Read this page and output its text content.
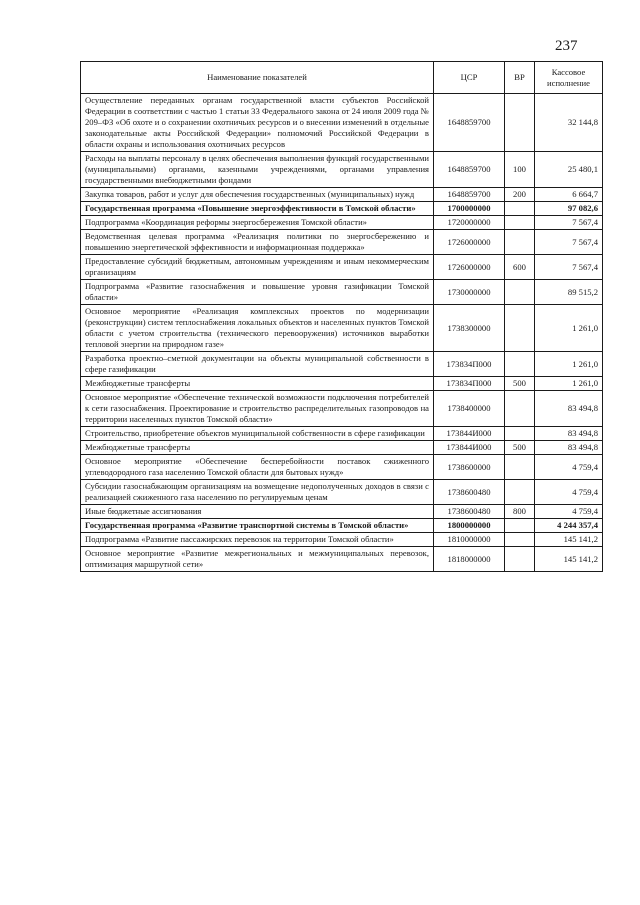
237
Наименование показателей	ЦСР	ВР	Кассовое исполнение
Осуществление переданных органам государственной власти субъектов Российской Федерации в соответствии с частью 1 статьи 33 Федерального закона от 24 июля 2009 года № 209–ФЗ «Об охоте и о сохранении охотничьих ресурсов и о внесении изменений в отдельные законодательные акты Российской Федерации» полномочий Российской Федерации в области охраны и использования охотничьих ресурсов	1648859700		32 144,8
Расходы на выплаты персоналу в целях обеспечения выполнения функций государственными (муниципальными) органами, казенными учреждениями, органами управления государственными внебюджетными фондами	1648859700	100	25 480,1
Закупка товаров, работ и услуг для обеспечения государственных (муниципальных) нужд	1648859700	200	6 664,7
Государственная программа «Повышение энергоэффективности в Томской области»	1700000000		97 082,6
Подпрограмма «Координация реформы энергосбережения Томской области»	1720000000		7 567,4
Ведомственная целевая программа «Реализация политики по энергосбережению и повышению энергетической эффективности и информационная поддержка»	1726000000		7 567,4
Предоставление субсидий бюджетным, автономным учреждениям и иным некоммерческим организациям	1726000000	600	7 567,4
Подпрограмма «Развитие газоснабжения и повышение уровня газификации Томской области»	1730000000		89 515,2
Основное мероприятие «Реализация комплексных проектов по модернизации (реконструкции) систем теплоснабжения локальных объектов и населенных пунктов Томской области с учетом строительства (технического перевооружения) источников выработки тепловой энергии на природном газе»	1738300000		1 261,0
Разработка проектно–сметной документации на объекты муниципальной собственности в сфере газификации	173834П000		1 261,0
Межбюджетные трансферты	173834П000	500	1 261,0
Основное мероприятие «Обеспечение технической возможности подключения потребителей к сети газоснабжения. Проектирование и строительство распределительных газопроводов на территории населенных пунктов Томской области»	1738400000		83 494,8
Строительство, приобретение объектов муниципальной собственности в сфере газификации	173844И000		83 494,8
Межбюджетные трансферты	173844И000	500	83 494,8
Основное мероприятие «Обеспечение бесперебойности поставок сжиженного углеводородного газа населению Томской области для бытовых нужд»	1738600000		4 759,4
Субсидии газоснабжающим организациям на возмещение недополученных доходов в связи с реализацией сжиженного газа населению по регулируемым ценам	1738600480		4 759,4
Иные бюджетные ассигнования	1738600480	800	4 759,4
Государственная программа «Развитие транспортной системы в Томской области»	1800000000		4 244 357,4
Подпрограмма «Развитие пассажирских перевозок на территории Томской области»	1810000000		145 141,2
Основное мероприятие «Развитие межрегиональных и межмуниципальных перевозок, оптимизация маршрутной сети»	1818000000		145 141,2
